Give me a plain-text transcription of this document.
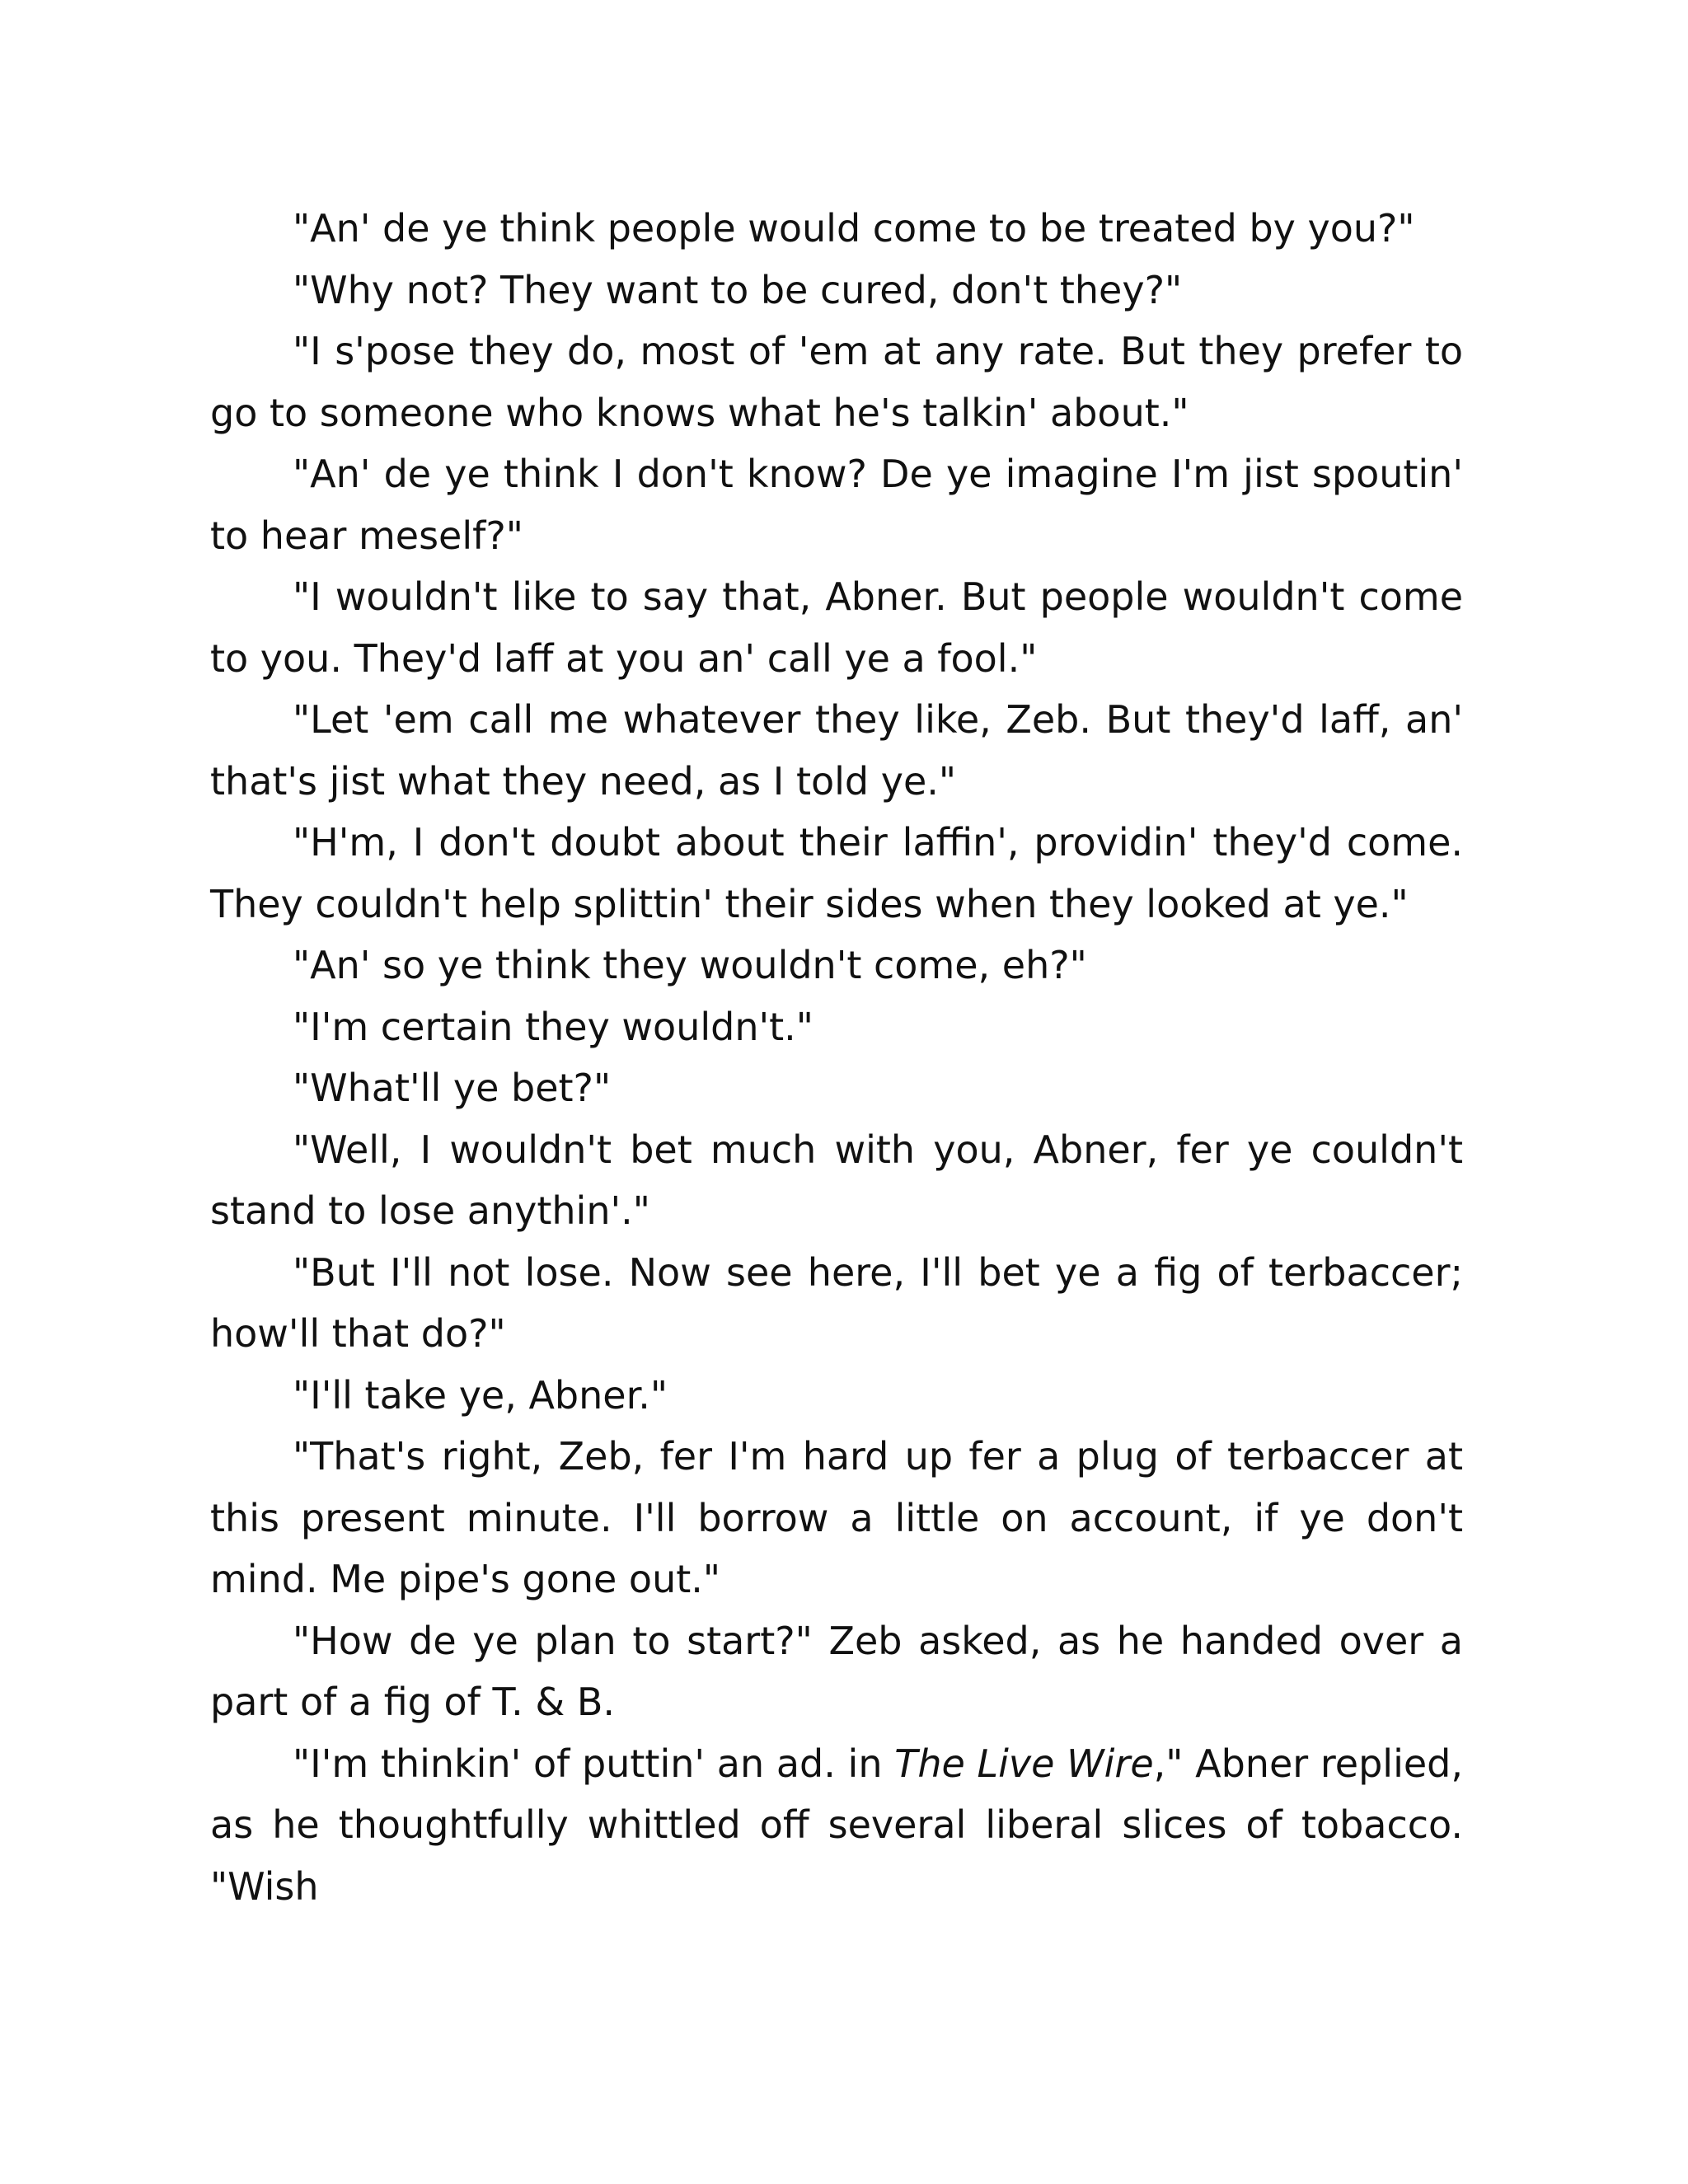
"An' de ye think people would come to be treated by you?"

"Why not? They want to be cured, don't they?"

"I s'pose they do, most of 'em at any rate. But they prefer to go to someone who knows what he's talkin' about."

"An' de ye think I don't know? De ye imagine I'm jist spoutin' to hear meself?"

"I wouldn't like to say that, Abner. But people wouldn't come to you. They'd laff at you an' call ye a fool."

"Let 'em call me whatever they like, Zeb. But they'd laff, an' that's jist what they need, as I told ye."

"H'm, I don't doubt about their laffin', providin' they'd come. They couldn't help splittin' their sides when they looked at ye."

"An' so ye think they wouldn't come, eh?"

"I'm certain they wouldn't."

"What'll ye bet?"

"Well, I wouldn't bet much with you, Abner, fer ye couldn't stand to lose anythin'."

"But I'll not lose. Now see here, I'll bet ye a fig of terbaccer; how'll that do?"

"I'll take ye, Abner."

"That's right, Zeb, fer I'm hard up fer a plug of terbaccer at this present minute. I'll borrow a little on account, if ye don't mind. Me pipe's gone out."

"How de ye plan to start?" Zeb asked, as he handed over a part of a fig of T. & B.

"I'm thinkin' of puttin' an ad. in The Live Wire," Abner replied, as he thoughtfully whittled off several liberal slices of tobacco. "Wish
